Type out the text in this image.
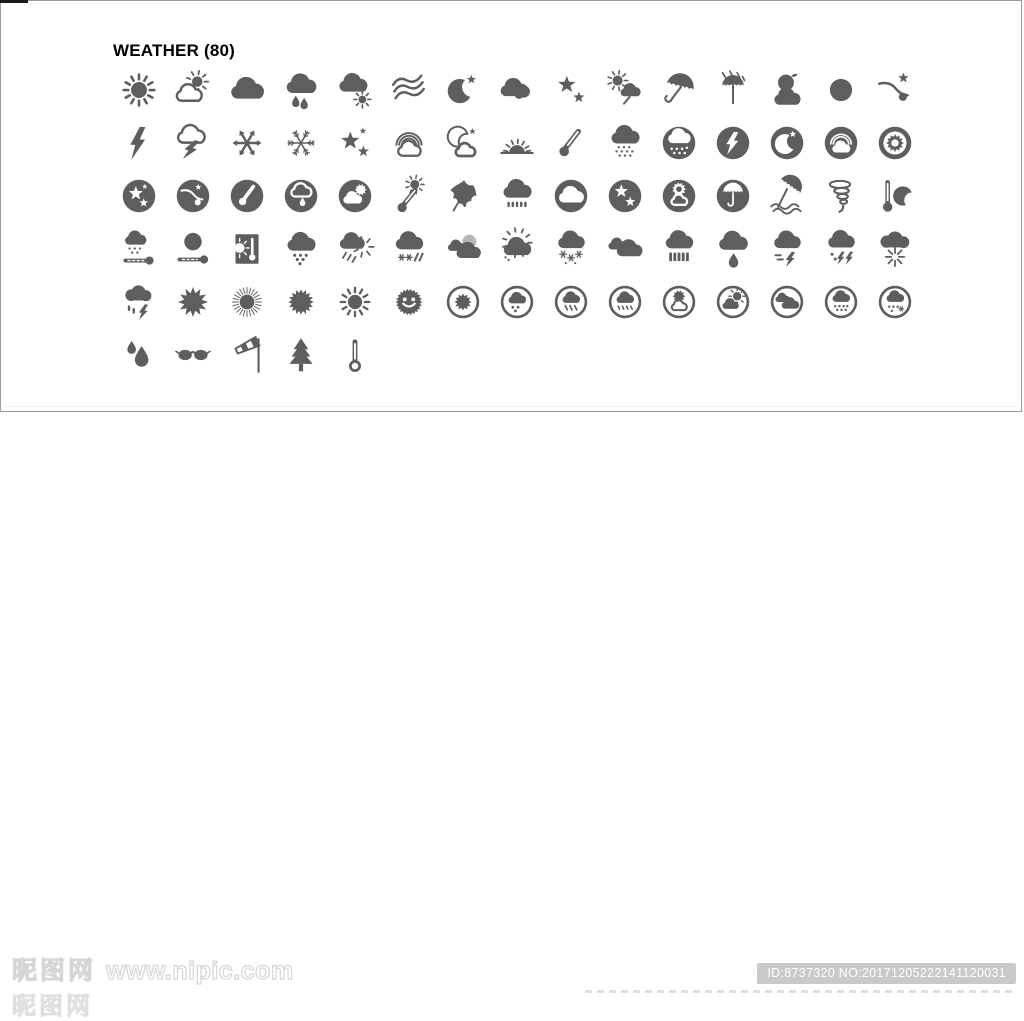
WEATHER (80)
昵图网 www.nipic.com	ID:8737320 NO:20171205222141120031
昵图网
